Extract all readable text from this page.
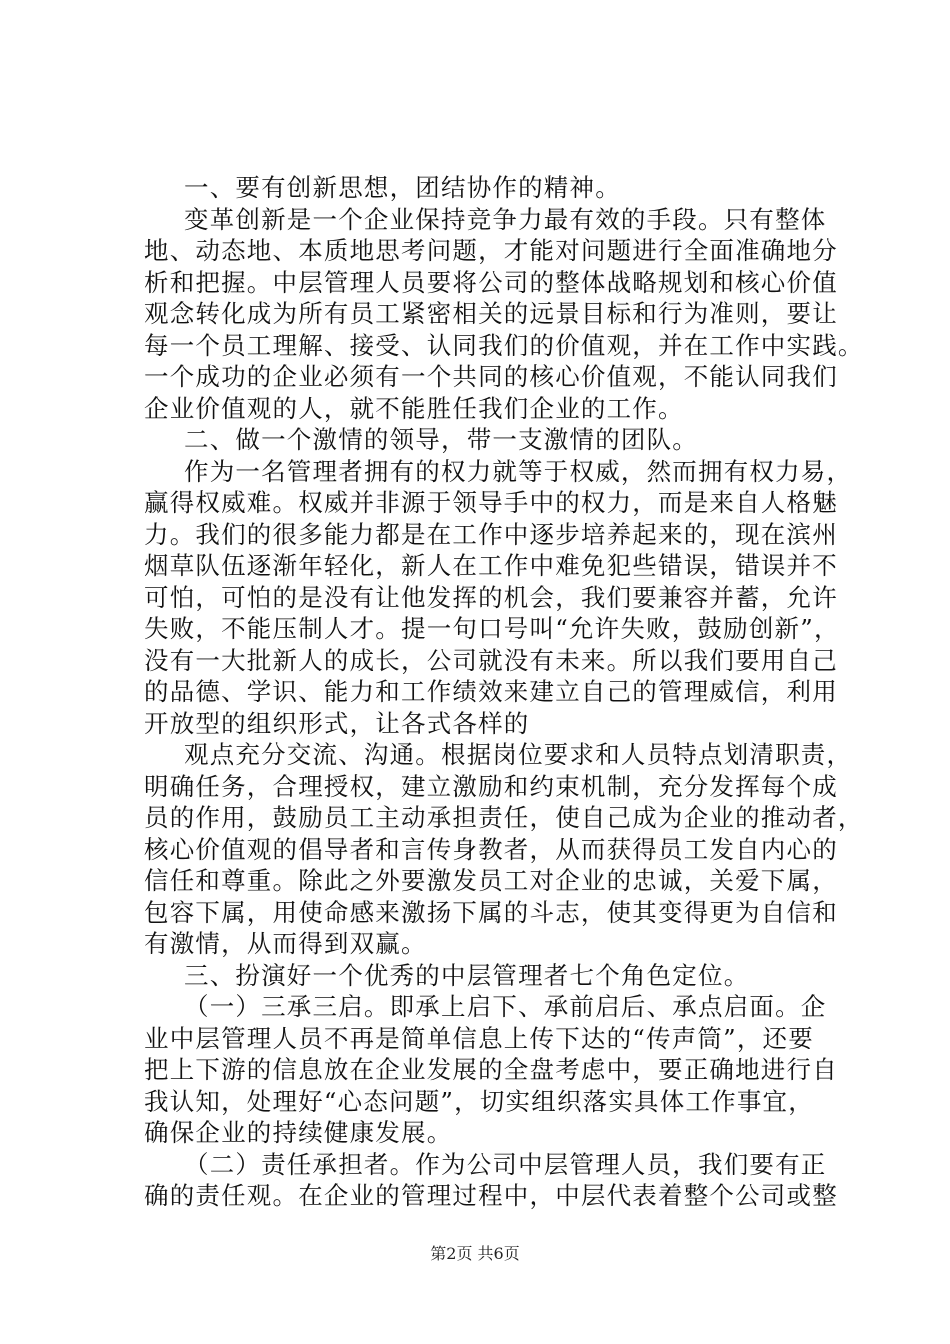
一、要有创新思想，团结协作的精神。
变革创新是一个企业保持竞争力最有效的手段。只有整体
地、动态地、本质地思考问题，才能对问题进行全面准确地分
析和把握。中层管理人员要将公司的整体战略规划和核心价值
观念转化成为所有员工紧密相关的远景目标和行为准则，要让
每一个员工理解、接受、认同我们的价值观，并在工作中实践。
一个成功的企业必须有一个共同的核心价值观，不能认同我们
企业价值观的人，就不能胜任我们企业的工作。
二、做一个激情的领导，带一支激情的团队。
作为一名管理者拥有的权力就等于权威，然而拥有权力易，
赢得权威难。权威并非源于领导手中的权力，而是来自人格魅
力。我们的很多能力都是在工作中逐步培养起来的，现在滨州
烟草队伍逐渐年轻化，新人在工作中难免犯些错误，错误并不
可怕，可怕的是没有让他发挥的机会，我们要兼容并蓄，允许
失败，不能压制人才。提一句口号叫“允许失败，鼓励创新”，
没有一大批新人的成长，公司就没有未来。所以我们要用自己
的品德、学识、能力和工作绩效来建立自己的管理威信，利用
开放型的组织形式，让各式各样的
观点充分交流、沟通。根据岗位要求和人员特点划清职责，
明确任务，合理授权，建立激励和约束机制，充分发挥每个成
员的作用，鼓励员工主动承担责任，使自己成为企业的推动者，
核心价值观的倡导者和言传身教者，从而获得员工发自内心的
信任和尊重。除此之外要激发员工对企业的忠诚，关爱下属，
包容下属，用使命感来激扬下属的斗志，使其变得更为自信和
有激情，从而得到双赢。
三、扮演好一个优秀的中层管理者七个角色定位。
（一）三承三启。即承上启下、承前启后、承点启面。企
业中层管理人员不再是简单信息上传下达的“传声筒”，还要
把上下游的信息放在企业发展的全盘考虑中，要正确地进行自
我认知，处理好“心态问题”，切实组织落实具体工作事宜，
确保企业的持续健康发展。
（二）责任承担者。作为公司中层管理人员，我们要有正
确的责任观。在企业的管理过程中，中层代表着整个公司或整
第2页 共6页
